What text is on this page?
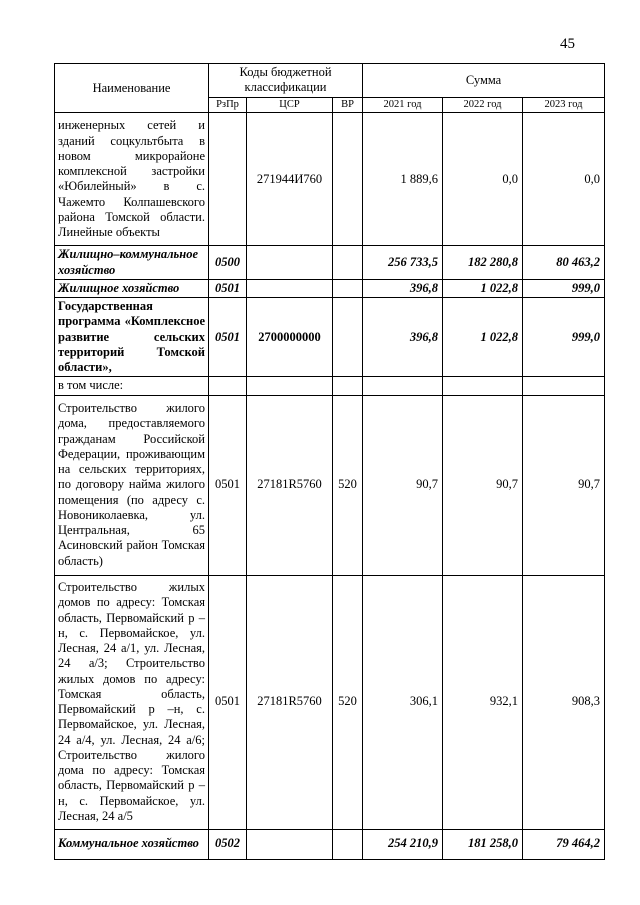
45
Наименование	Коды бюджетной классификации			Сумма		
	РзПр	ЦСР	ВР	2021 год	2022 год	2023 год
инженерных сетей и зданий соцкультбыта в новом микрорайоне комплексной застройки «Юбилейный» в с. Чажемто Колпашевского района Томской области. Линейные объекты		271944И760		1 889,6	0,0	0,0
Жилищно–коммунальное хозяйство	0500			256 733,5	182 280,8	80 463,2
Жилищное хозяйство	0501			396,8	1 022,8	999,0
Государственная программа «Комплексное развитие сельских территорий Томской области»,	0501	2700000000		396,8	1 022,8	999,0
в том числе:						
Строительство жилого дома, предоставляемого гражданам Российской Федерации, проживающим на сельских территориях, по договору найма жилого помещения (по адресу с. Новониколаевка, ул. Центральная, 65 Асиновский район Томская область)	0501	27181R5760	520	90,7	90,7	90,7
Строительство жилых домов по адресу: Томская область, Первомайский р –н, с. Первомайское, ул. Лесная, 24 а/1, ул. Лесная, 24 а/3; Строительство жилых домов по адресу: Томская область, Первомайский р –н, с. Первомайское, ул. Лесная, 24 а/4, ул. Лесная, 24 а/6; Строительство жилого дома по адресу: Томская область, Первомайский р –н, с. Первомайское, ул. Лесная, 24 а/5	0501	27181R5760	520	306,1	932,1	908,3
Коммунальное хозяйство	0502			254 210,9	181 258,0	79 464,2
